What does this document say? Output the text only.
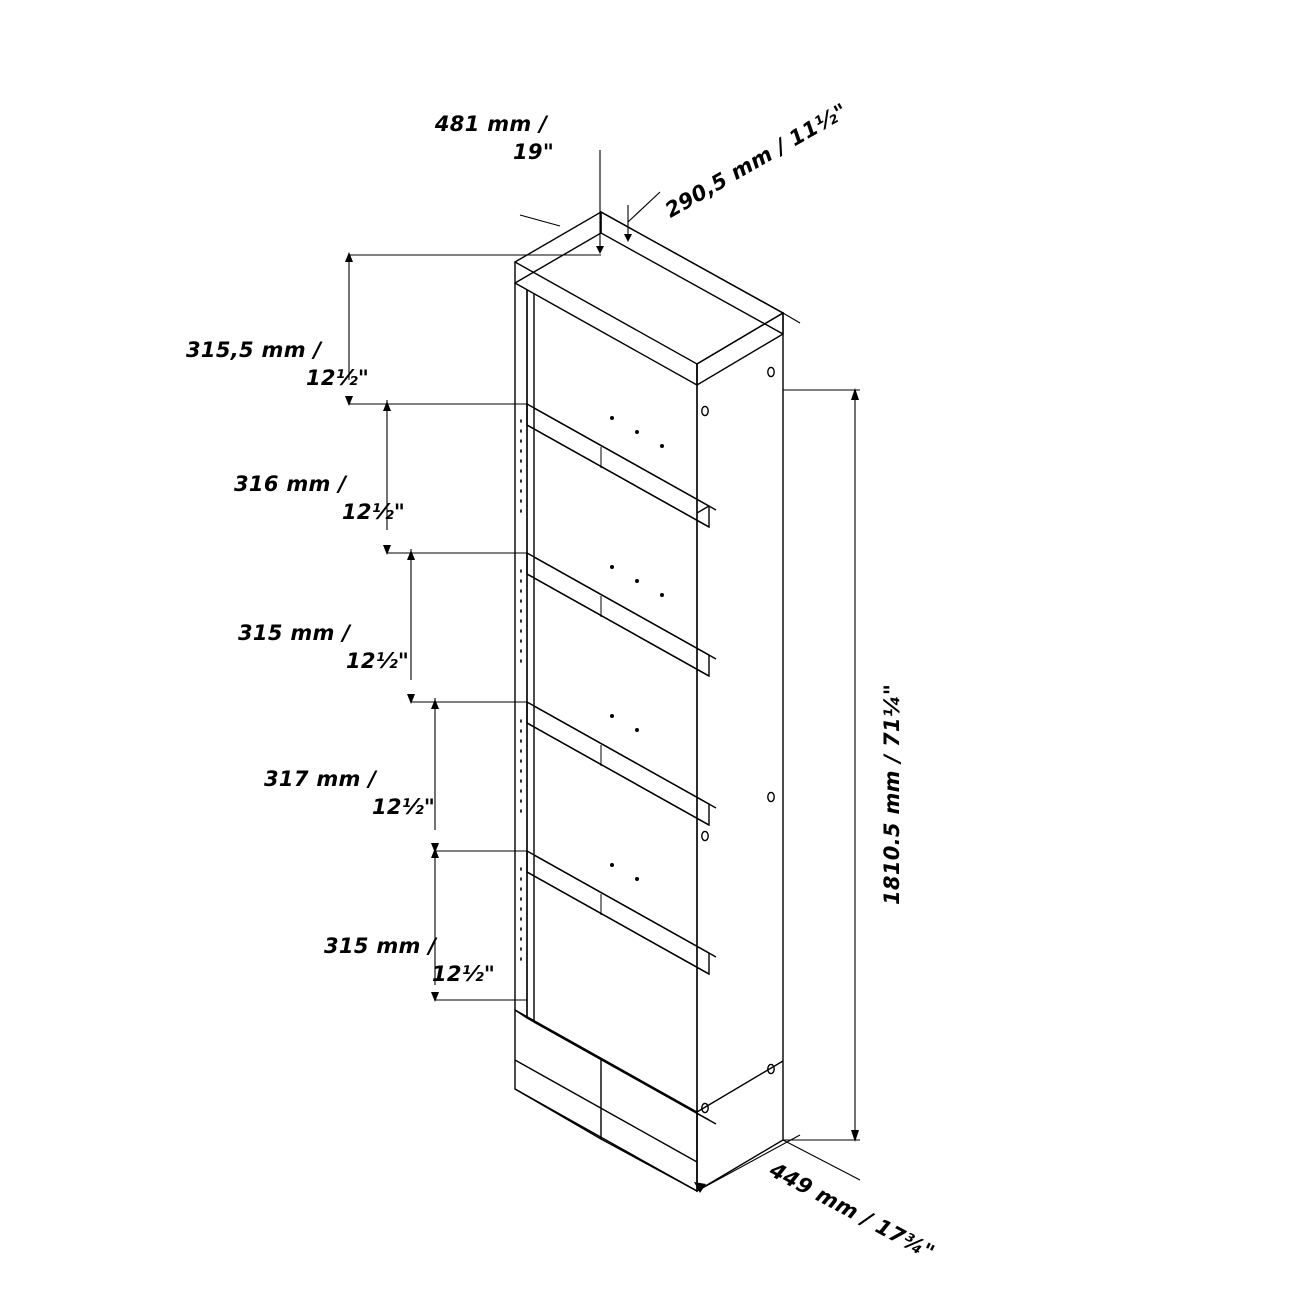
481 mm /
19"	290,5 mm / 11½"
315,5 mm /
12½"
316 mm /
12½"
315 mm /
12½"
317 mm /
12½"
315 mm /
12½"
1810.5 mm / 71¼"
449 mm / 17¾"
